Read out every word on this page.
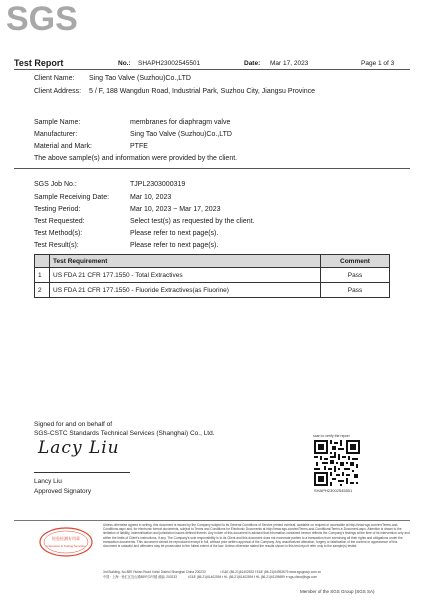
SGS
Test Report	No.: SHAPH23002545501	Date: Mar 17, 2023	Page 1 of 3
Client Name: Sing Tao Valve (Suzhou)Co.,LTD
Client Address: 5 / F, 188 Wangdun Road, Industrial Park, Suzhou City, Jiangsu Province
Sample Name:	membranes for diaphragm valve
Manufacturer:	Sing Tao Valve (Suzhou)Co.,LTD
Material and Mark:	PTFE
The above sample(s) and information were provided by the client.
SGS Job No.:	TJPL2303000319
Sample Receiving Date:	Mar 10, 2023
Testing Period:	Mar 10, 2023 ~ Mar 17, 2023
Test Requested:	Select test(s) as requested by the client.
Test Method(s):	Please refer to next page(s).
Test Result(s):	Please refer to next page(s).
	Test Requirement	Comment
1	US FDA 21 CFR 177.1550 - Total Extractives	Pass
2	US FDA 21 CFR 177.1550 - Fluoride Extractives(as Fluorine)	Pass
Signed for and on behalf of
SGS-CSTC Standards Technical Services (Shanghai) Co., Ltd.
Lacy Liu
Lancy Liu
Approved Signatory
scan to verify the report
SHAPH23002545501
检验检测专用章
Inspection & Testing Services
Unless otherwise agreed in writing, this document is issued by the Company subject to its General Conditions of Service printed overleaf, available on request or accessible at http://www.sgs.com/en/Terms-and-Conditions.aspx and, for electronic format documents, subject to Terms and Conditions for Electronic Documents at http://www.sgs.com/en/Terms-and-Conditions/Terms-e-Document.aspx. Attention is drawn to the limitation of liability, indemnification and jurisdiction issues defined therein. Any holder of this document is advised that information contained hereon reflects the Company's findings at the time of its intervention only and within the limits of Client's instructions, if any. The Company's sole responsibility is to its Client and this document does not exonerate parties to a transaction from exercising all their rights and obligations under the transaction documents. This document cannot be reproduced except in full, without prior written approval of the Company. Any unauthorized alteration, forgery or falsification of the content or appearance of this document is unlawful and offenders may be prosecuted to the fullest extent of the law. Unless otherwise stated the results shown in this test report refer only to the sample(s) tested.
3rd Building, No.889 Yishan Road Xuhui District Shanghai China 200233	t E&E (86-21)61402553 f E&E (86-21)64953679 www.sgsgroup.com.cn
中国 · 上海 · 徐汇区宜山路889号3号楼 邮编: 200233	t E&E (86-21)61402594 t HL (86-21)61402594 f HL (86-21)61196699 e sgs.china@sgs.com
Member of the SGS Group (SGS SA)
